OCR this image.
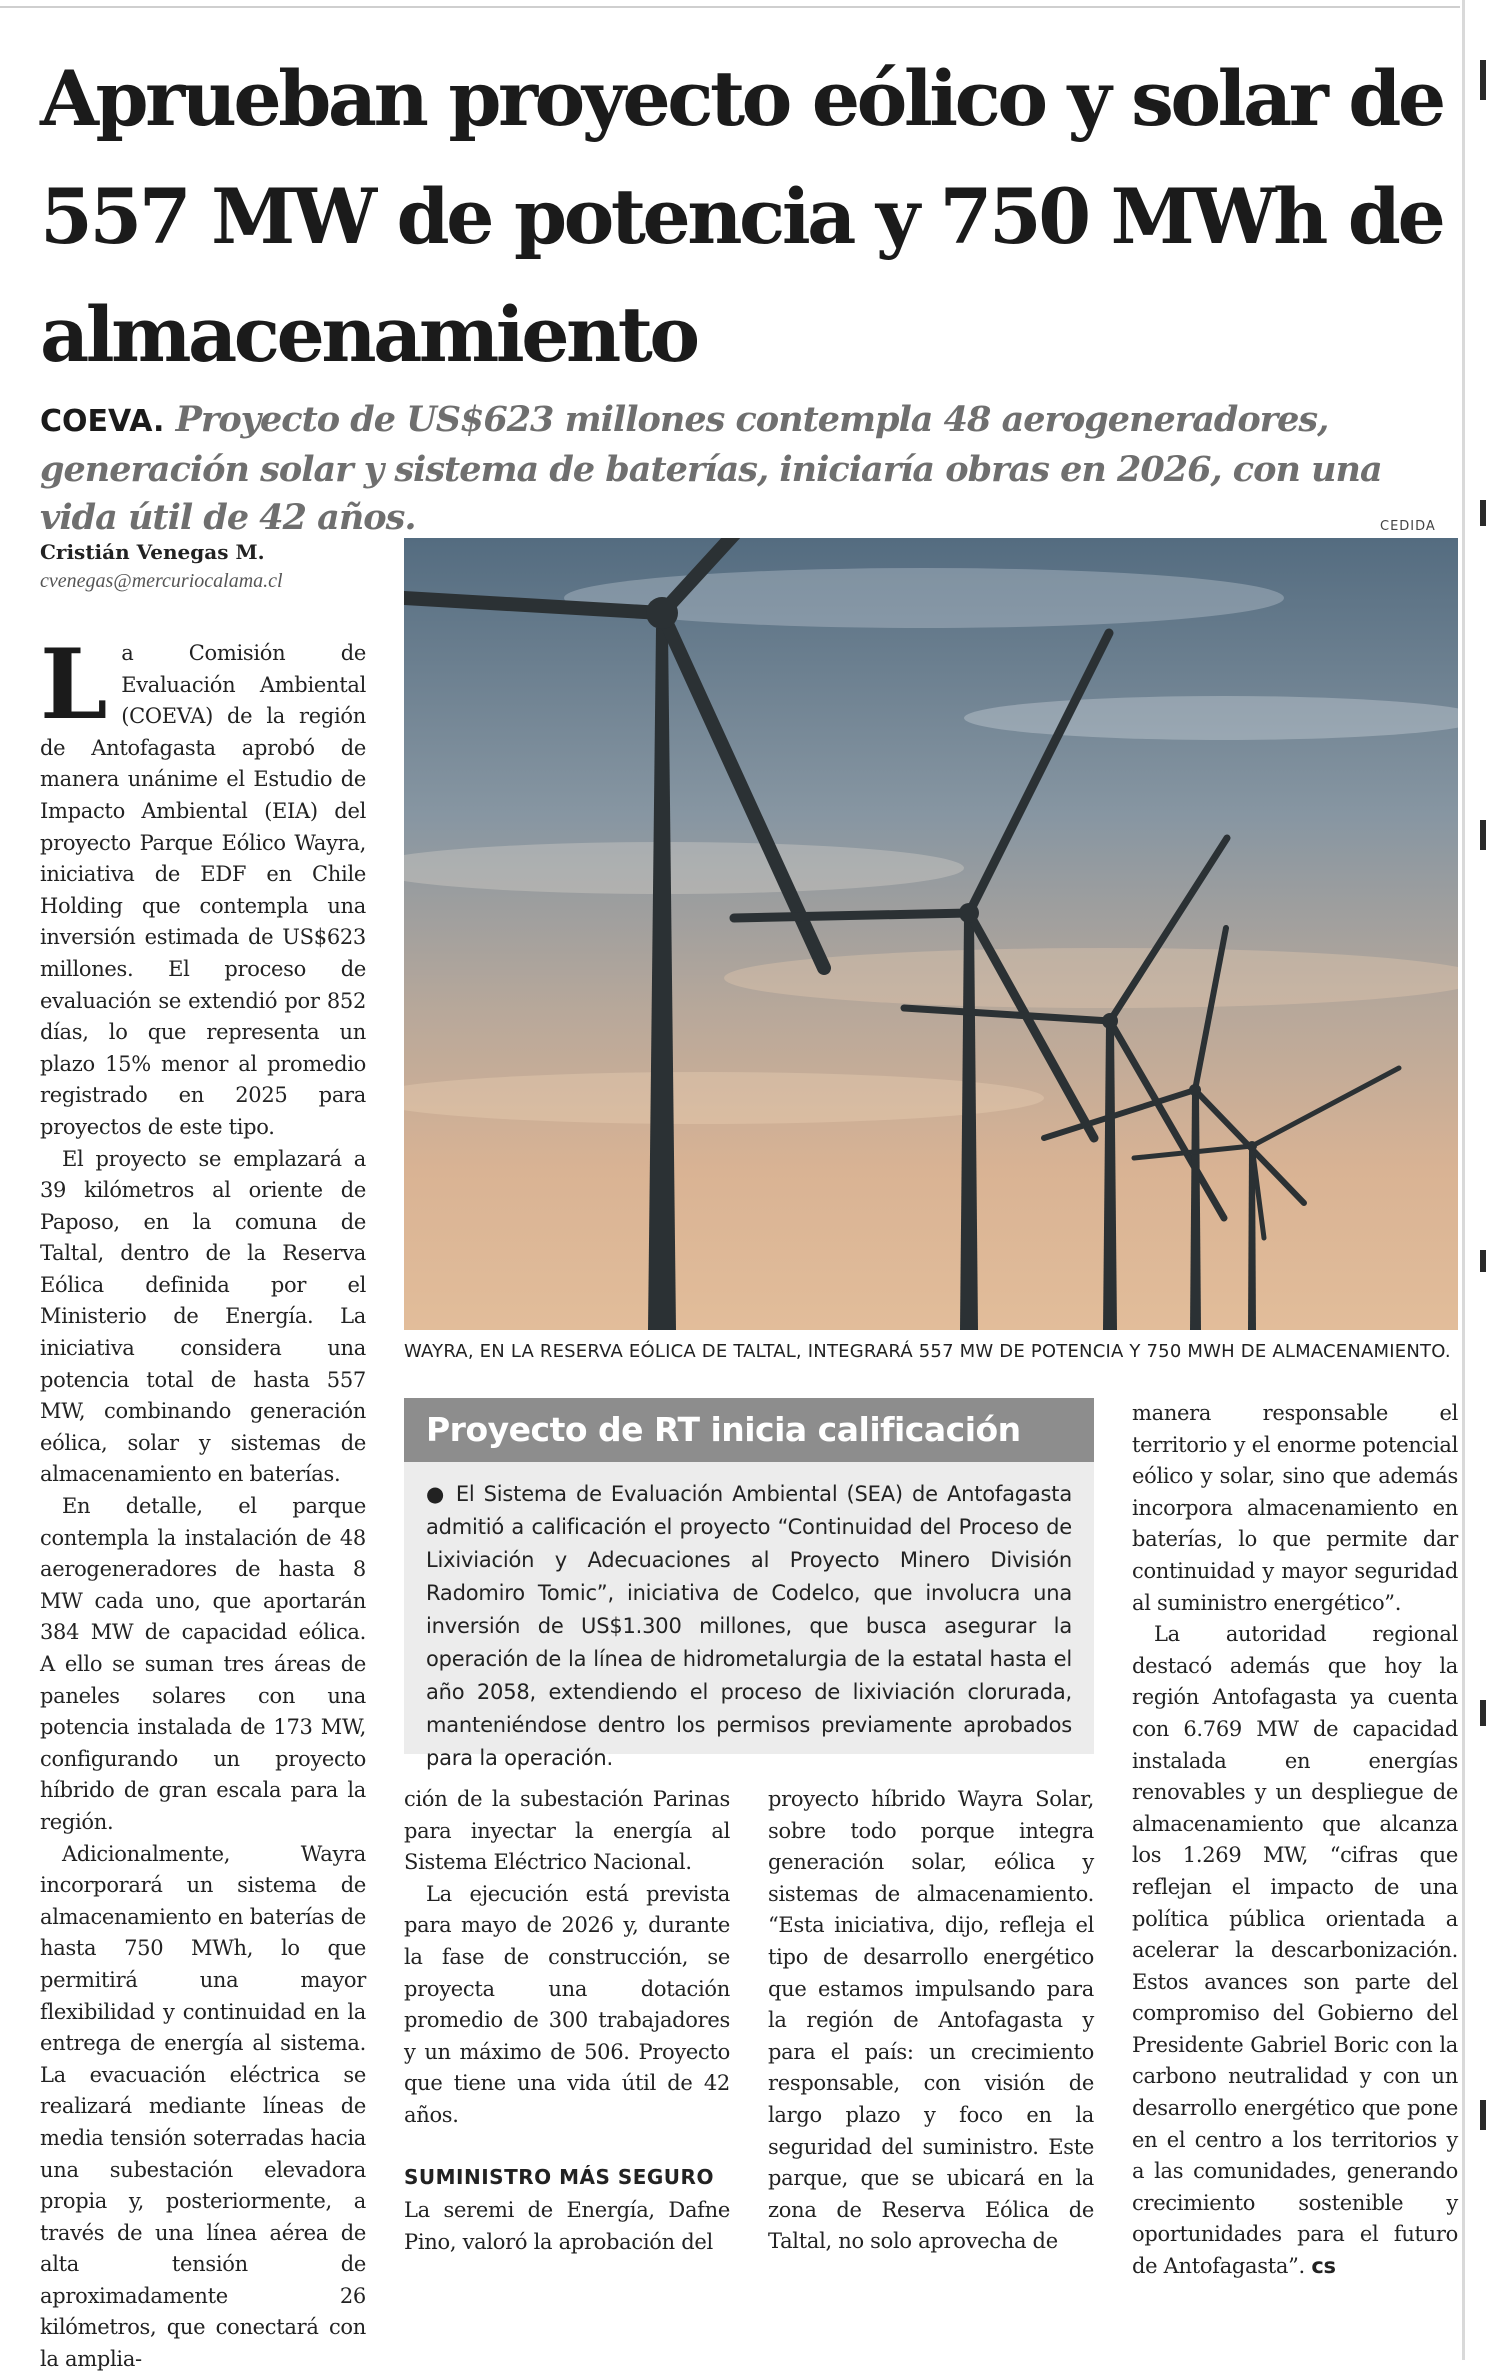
Aprueban proyecto eólico y solar de 557 MW de potencia y 750 MWh de almacenamiento
COEVA. Proyecto de US$623 millones contempla 48 aerogeneradores, generación solar y sistema de baterías, iniciaría obras en 2026, con una vida útil de 42 años.
Cristián Venegas M.
cvenegas@mercuriocalama.cl

La Comisión de Evaluación Ambiental (COEVA) de la región de Antofagasta aprobó de manera unánime el Estudio de Impacto Ambiental (EIA) del proyecto Parque Eólico Wayra, iniciativa de EDF en Chile Holding que contempla una inversión estimada de US$623 millones. El proceso de evaluación se extendió por 852 días, lo que representa un plazo 15% menor al promedio registrado en 2025 para proyectos de este tipo.

El proyecto se emplazará a 39 kilómetros al oriente de Paposo, en la comuna de Taltal, dentro de la Reserva Eólica definida por el Ministerio de Energía. La iniciativa considera una potencia total de hasta 557 MW, combinando generación eólica, solar y sistemas de almacenamiento en baterías.

En detalle, el parque contempla la instalación de 48 aerogeneradores de hasta 8 MW cada uno, que aportarán 384 MW de capacidad eólica. A ello se suman tres áreas de paneles solares con una potencia instalada de 173 MW, configurando un proyecto híbrido de gran escala para la región.

Adicionalmente, Wayra incorporará un sistema de almacenamiento en baterías de hasta 750 MWh, lo que permitirá una mayor flexibilidad y continuidad en la entrega de energía al sistema. La evacuación eléctrica se realizará mediante líneas de media tensión soterradas hacia una subestación elevadora propia y, posteriormente, a través de una línea aérea de alta tensión de aproximadamente 26 kilómetros, que conectará con la amplia-

CEDIDA
WAYRA, EN LA RESERVA EÓLICA DE TALTAL, INTEGRARÁ 557 MW DE POTENCIA Y 750 MWH DE ALMACENAMIENTO.
Proyecto de RT inicia calificación
● El Sistema de Evaluación Ambiental (SEA) de Antofagasta admitió a calificación el proyecto “Continuidad del Proceso de Lixiviación y Adecuaciones al Proyecto Minero División Radomiro Tomic”, iniciativa de Codelco, que involucra una inversión de US$1.300 millones, que busca asegurar la operación de la línea de hidrometalurgia de la estatal hasta el año 2058, extendiendo el proceso de lixiviación clorurada, manteniéndose dentro los permisos previamente aprobados para la operación.

ción de la subestación Parinas para inyectar la energía al Sistema Eléctrico Nacional.

La ejecución está prevista para mayo de 2026 y, durante la fase de construcción, se proyecta una dotación promedio de 300 trabajadores y un máximo de 506. Proyecto que tiene una vida útil de 42 años.

SUMINISTRO MÁS SEGURO

La seremi de Energía, Dafne Pino, valoró la aprobación del

proyecto híbrido Wayra Solar, sobre todo porque integra generación solar, eólica y sistemas de almacenamiento. “Esta iniciativa, dijo, refleja el tipo de desarrollo energético que estamos impulsando para la región de Antofagasta y para el país: un crecimiento responsable, con visión de largo plazo y foco en la seguridad del suministro. Este parque, que se ubicará en la zona de Reserva Eólica de Taltal, no solo aprovecha de

manera responsable el territorio y el enorme potencial eólico y solar, sino que además incorpora almacenamiento en baterías, lo que permite dar continuidad y mayor seguridad al suministro energético”.

La autoridad regional destacó además que hoy la región Antofagasta ya cuenta con 6.769 MW de capacidad instalada en energías renovables y un despliegue de almacenamiento que alcanza los 1.269 MW, “cifras que reflejan el impacto de una política pública orientada a acelerar la descarbonización. Estos avances son parte del compromiso del Gobierno del Presidente Gabriel Boric con la carbono neutralidad y con un desarrollo energético que pone en el centro a los territorios y a las comunidades, generando crecimiento sostenible y oportunidades para el futuro de Antofagasta”. cs
